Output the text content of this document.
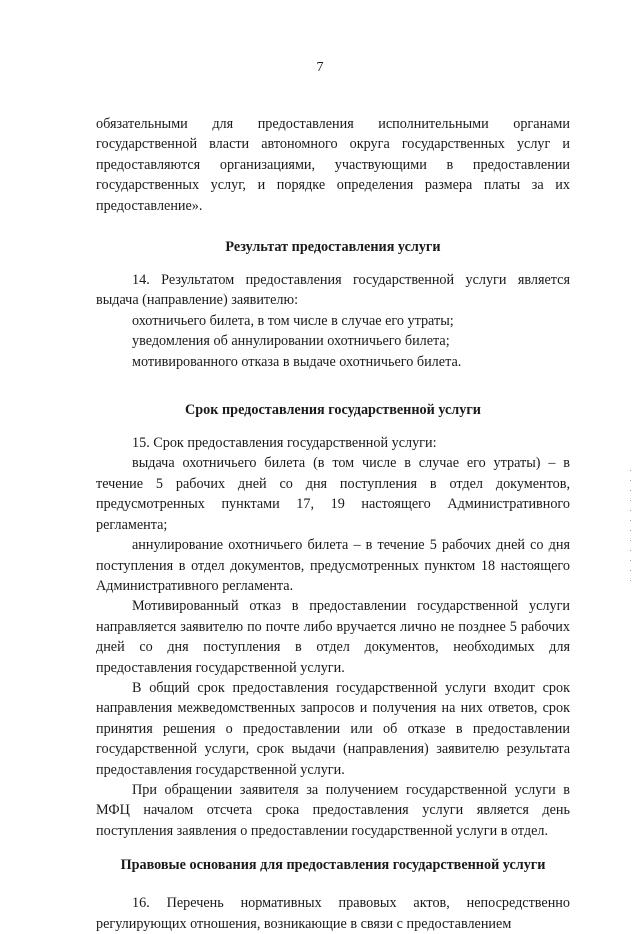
7

обязательными для предоставления исполнительными органами государственной власти автономного округа государственных услуг и предоставляются организациями, участвующими в предоставлении государственных услуг, и порядке определения размера платы за их предоставление».

Результат предоставления услуги

14. Результатом предоставления государственной услуги является выдача (направление) заявителю:

охотничьего билета, в том числе в случае его утраты;

уведомления об аннулировании охотничьего билета;

мотивированного отказа в выдаче охотничьего билета.

Срок предоставления государственной услуги

15. Срок предоставления государственной услуги:

выдача охотничьего билета (в том числе в случае его утраты) – в течение 5 рабочих дней со дня поступления в отдел документов, предусмотренных пунктами 17, 19 настоящего Административного регламента;

аннулирование охотничьего билета – в течение 5 рабочих дней со дня поступления в отдел документов, предусмотренных пунктом 18 настоящего Административного регламента.

Мотивированный отказ в предоставлении государственной услуги направляется заявителю по почте либо вручается лично не позднее 5 рабочих дней со дня поступления в отдел документов, необходимых для предоставления государственной услуги.

В общий срок предоставления государственной услуги входит срок направления межведомственных запросов и получения на них ответов, срок принятия решения о предоставлении или об отказе в предоставлении государственной услуги, срок выдачи (направления) заявителю результата предоставления государственной услуги.

При обращении заявителя за получением государственной услуги в МФЦ началом отсчета срока предоставления услуги является день поступления заявления о предоставлении государственной услуги в отдел.

Правовые основания для предоставления государственной услуги

16. Перечень нормативных правовых актов, непосредственно регулирующих отношения, возникающие в связи с предоставлением
